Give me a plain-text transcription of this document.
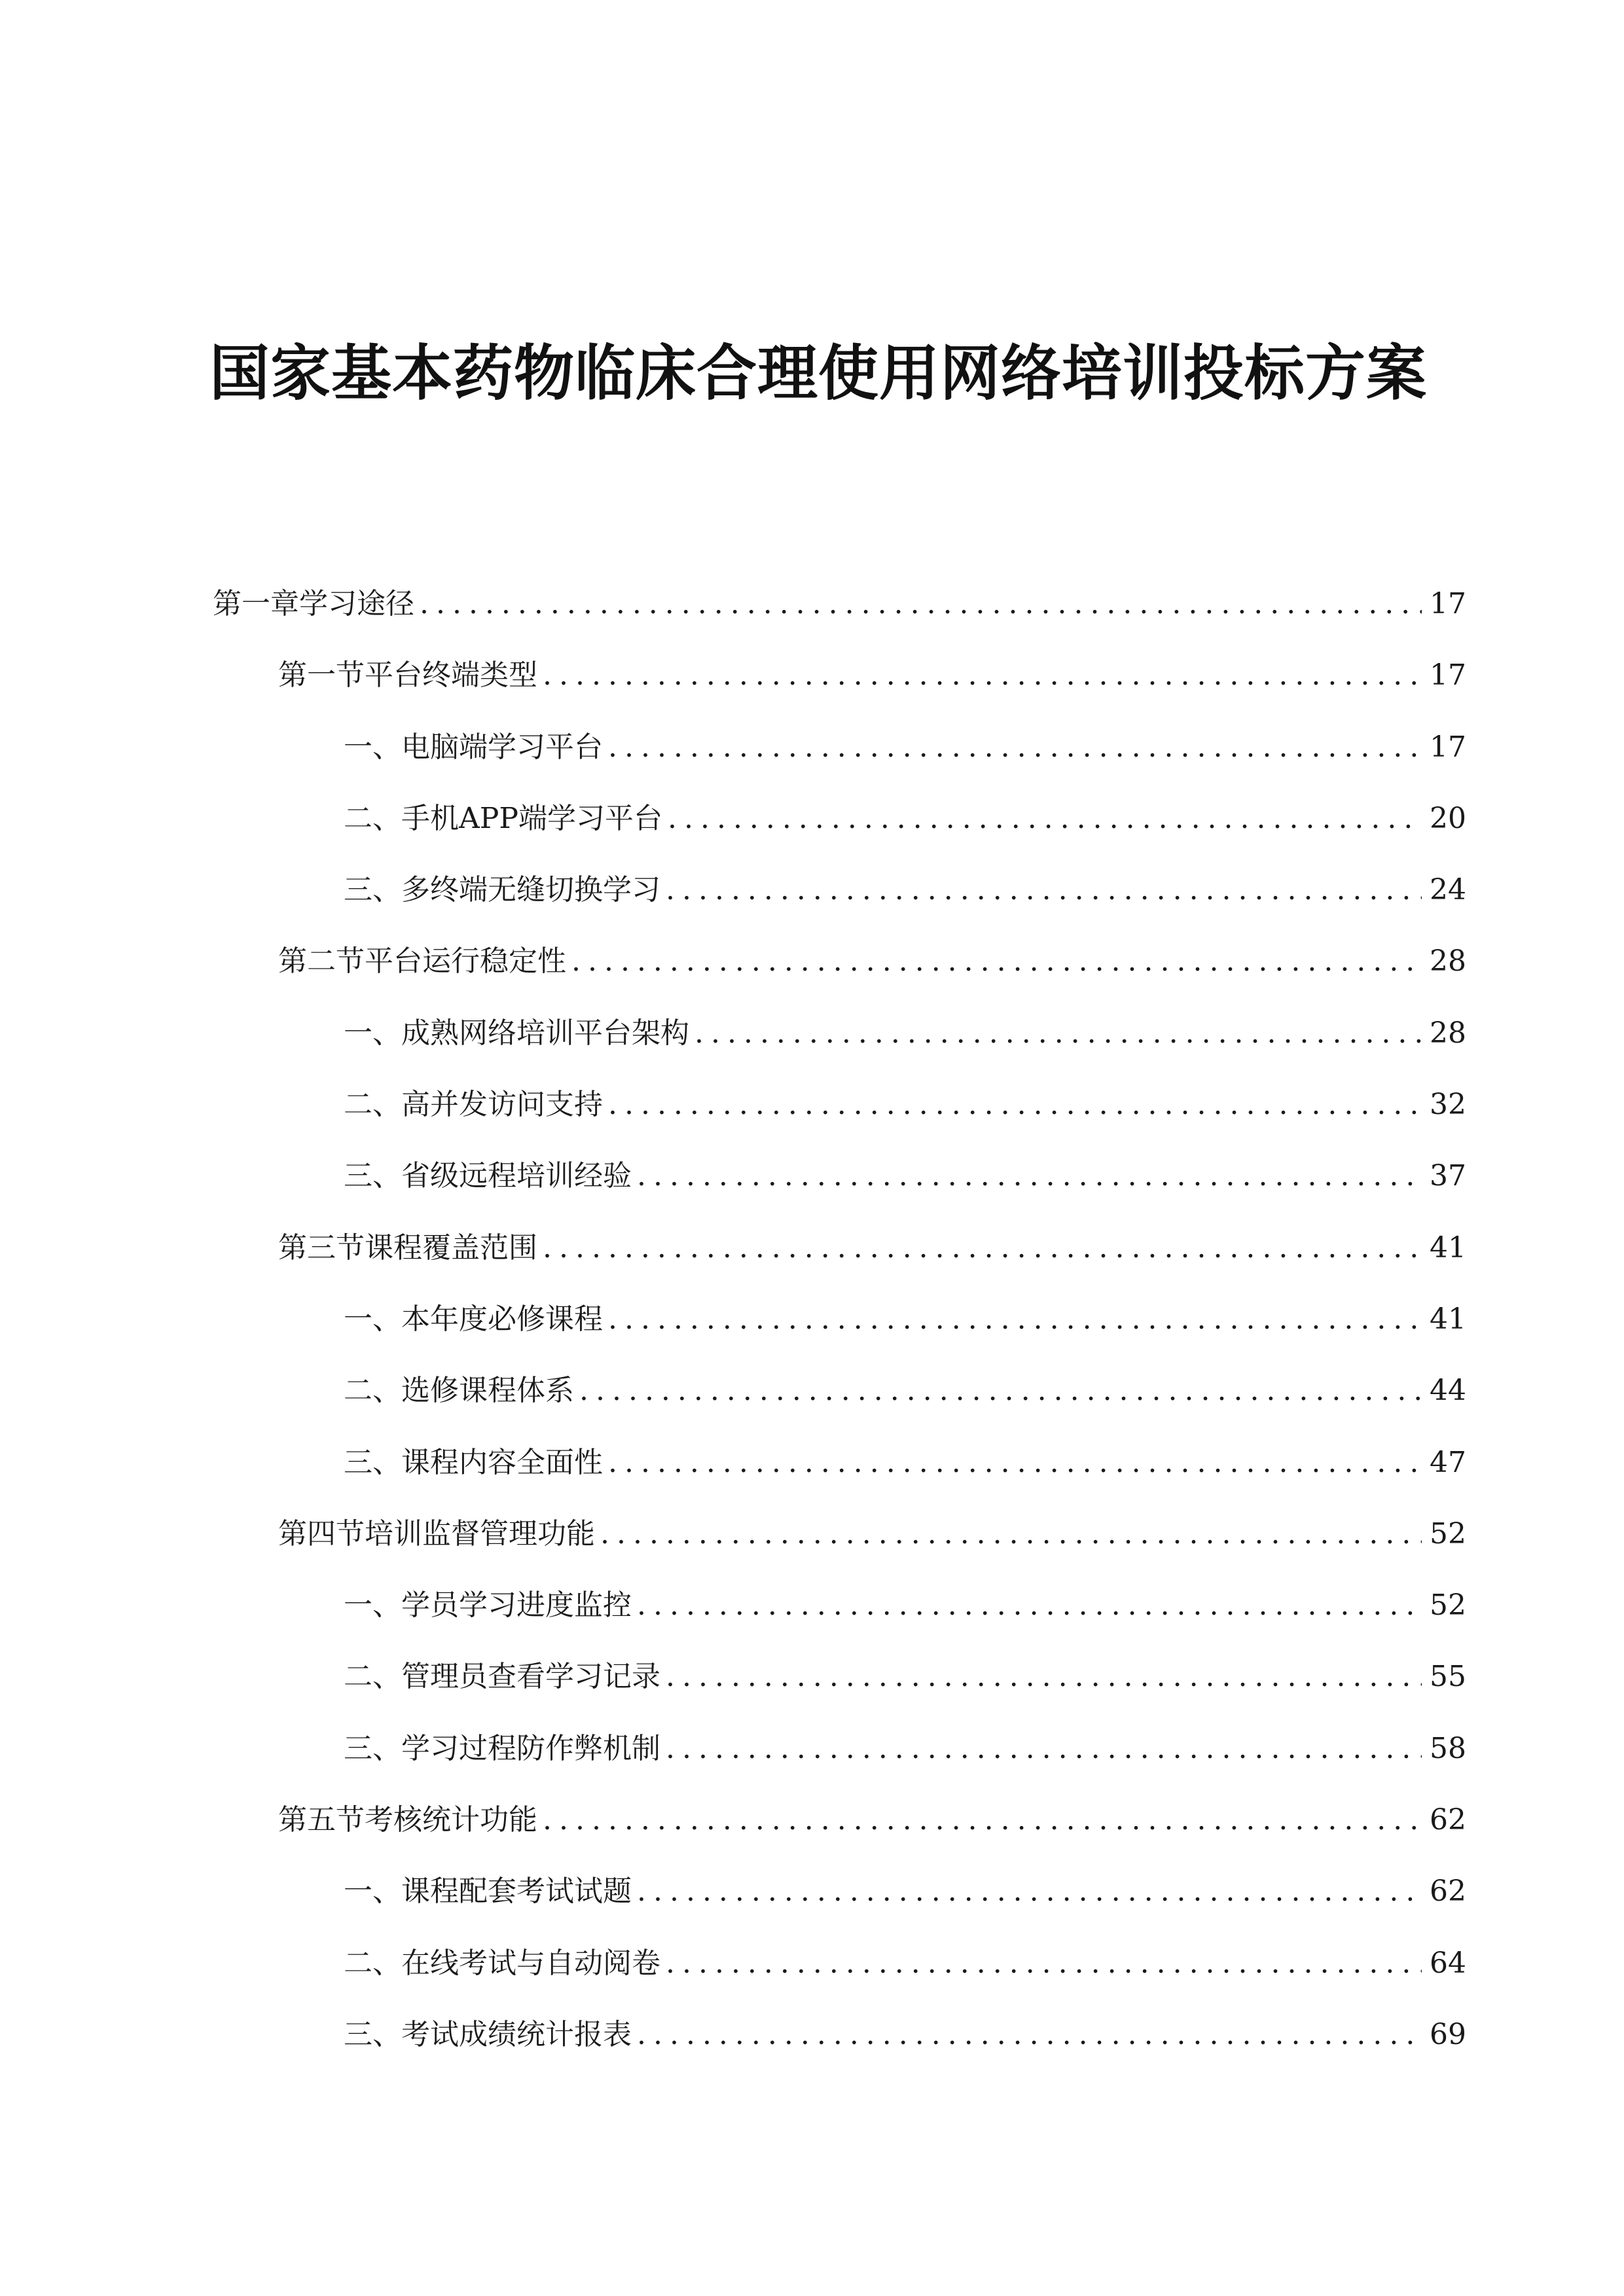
国家基本药物临床合理使用网络培训投标方案
第一章 学习途径 .....	17
第一节 平台终端类型 .....	17
一、 电脑端学习平台 .....	17
二、 手机APP端学习平台 .....	20
三、 多终端无缝切换学习 .....	24
第二节 平台运行稳定性 .....	28
一、 成熟网络培训平台架构 .....	28
二、 高并发访问支持 .....	32
三、 省级远程培训经验 .....	37
第三节 课程覆盖范围 .....	41
一、 本年度必修课程 .....	41
二、 选修课程体系 .....	44
三、 课程内容全面性 .....	47
第四节 培训监督管理功能 .....	52
一、 学员学习进度监控 .....	52
二、 管理员查看学习记录 .....	55
三、 学习过程防作弊机制 .....	58
第五节 考核统计功能 .....	62
一、 课程配套考试试题 .....	62
二、 在线考试与自动阅卷 .....	64
三、 考试成绩统计报表 .....	69
